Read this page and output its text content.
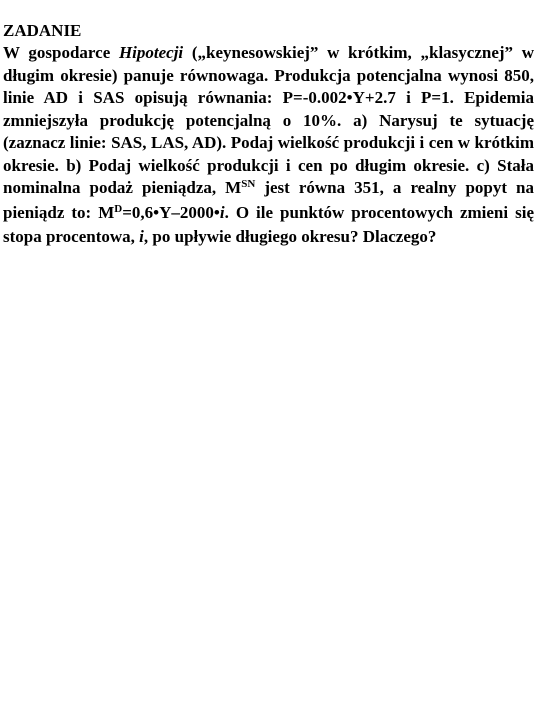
ZADANIE

W gospodarce Hipotecji („keynesowskiej” w krótkim, „klasycznej” w długim okresie) panuje równowaga. Produkcja potencjalna wynosi 850, linie AD i SAS opisują równania: P=-0.002•Y+2.7 i P=1. Epidemia zmniejszyła produkcję potencjalną o 10%. a) Narysuj te sytuację (zaznacz linie: SAS, LAS, AD). Podaj wielkość produkcji i cen w krótkim okresie. b) Podaj wielkość produkcji i cen po długim okresie. c) Stała nominalna podaż pieniądza, $M^{SN}$ jest równa 351, a realny popyt na pieniądz to: $M^D=0,6•Y-2000•i$. O ile punktów procentowych zmieni się stopa procentowa, i, po upływie długiego okresu? Dlaczego?
